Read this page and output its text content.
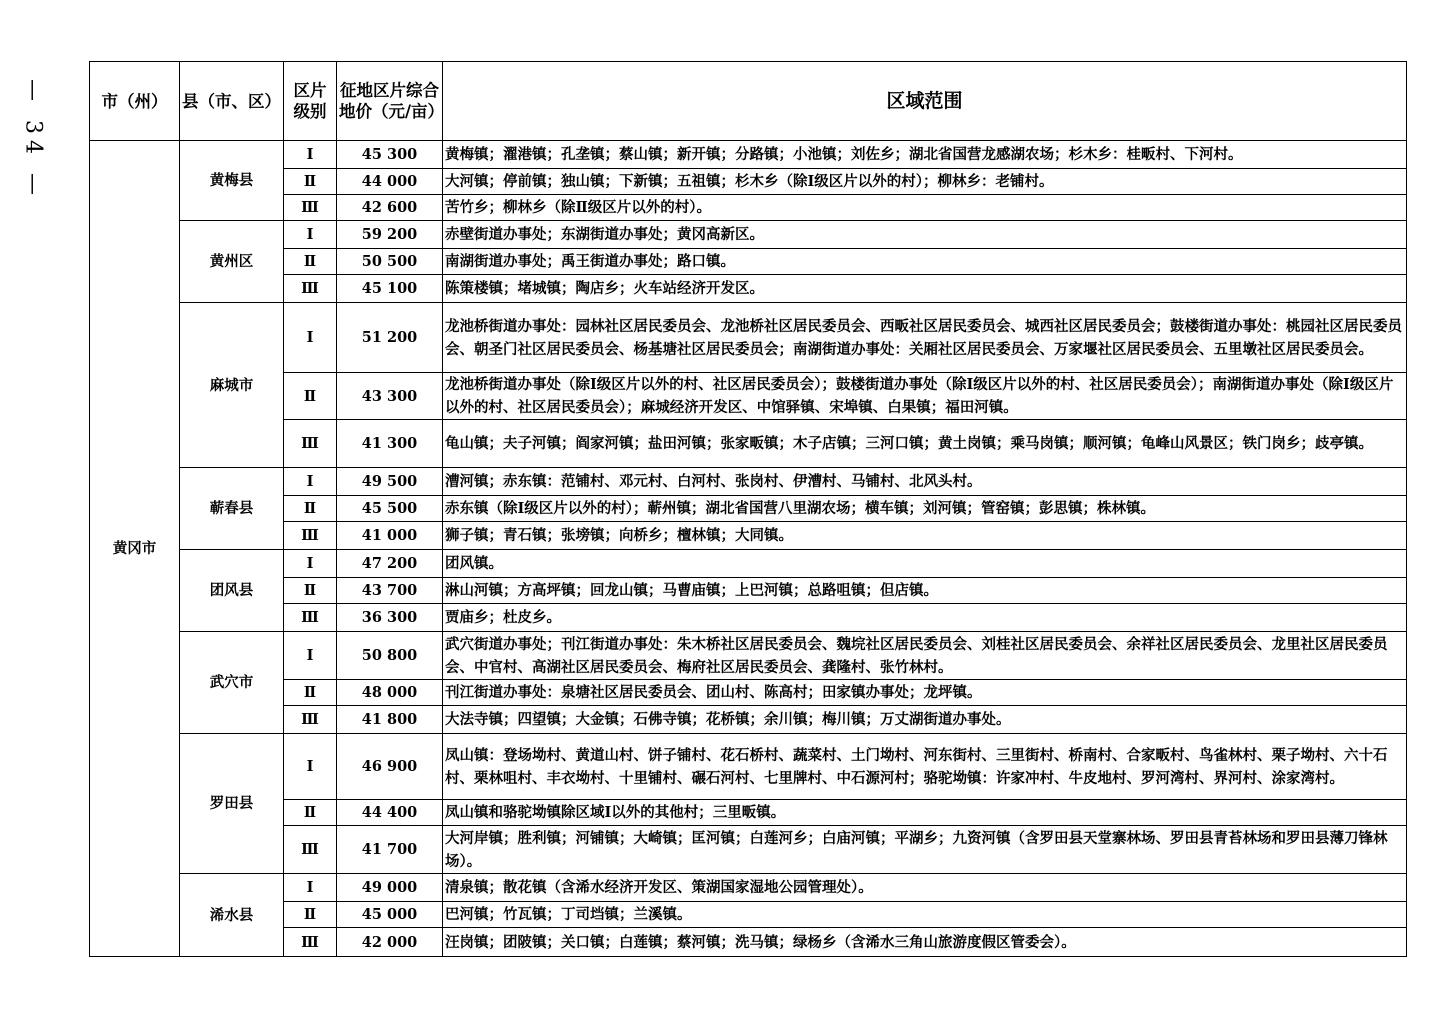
— 34 —	市（州）	县（市、区）	区片级别	征地区片综合地价（元/亩）	区域范围
黄冈市	黄梅县	Ⅰ	45 300	黄梅镇；濯港镇；孔垄镇；蔡山镇；新开镇；分路镇；小池镇；刘佐乡；湖北省国营龙感湖农场；杉木乡：桂畈村、下河村。
		Ⅱ	44 000	大河镇；停前镇；独山镇；下新镇；五祖镇；杉木乡（除Ⅰ级区片以外的村）；柳林乡：老铺村。
		Ⅲ	42 600	苦竹乡；柳林乡（除Ⅱ级区片以外的村）。
	黄州区	Ⅰ	59 200	赤壁街道办事处；东湖街道办事处；黄冈高新区。
		Ⅱ	50 500	南湖街道办事处；禹王街道办事处；路口镇。
		Ⅲ	45 100	陈策楼镇；堵城镇；陶店乡；火车站经济开发区。
	麻城市	Ⅰ	51 200	龙池桥街道办事处：园林社区居民委员会、龙池桥社区居民委员会、西畈社区居民委员会、城西社区居民委员会；鼓楼街道办事处：桃园社区居民委员会、朝圣门社区居民委员会、杨基塘社区居民委员会；南湖街道办事处：关厢社区居民委员会、万家堰社区居民委员会、五里墩社区居民委员会。
		Ⅱ	43 300	龙池桥街道办事处（除Ⅰ级区片以外的村、社区居民委员会）；鼓楼街道办事处（除Ⅰ级区片以外的村、社区居民委员会）；南湖街道办事处（除Ⅰ级区片以外的村、社区居民委员会）；麻城经济开发区、中馆驿镇、宋埠镇、白果镇；福田河镇。
		Ⅲ	41 300	龟山镇；夫子河镇；阎家河镇；盐田河镇；张家畈镇；木子店镇；三河口镇；黄土岗镇；乘马岗镇；顺河镇；龟峰山风景区；铁门岗乡；歧亭镇。
	蕲春县	Ⅰ	49 500	漕河镇；赤东镇：范铺村、邓元村、白河村、张岗村、伊漕村、马铺村、北风头村。
		Ⅱ	45 500	赤东镇（除Ⅰ级区片以外的村）；蕲州镇；湖北省国营八里湖农场；横车镇；刘河镇；管窑镇；彭思镇；株林镇。
		Ⅲ	41 000	狮子镇；青石镇；张塝镇；向桥乡；檀林镇；大同镇。
	团风县	Ⅰ	47 200	团风镇。
		Ⅱ	43 700	淋山河镇；方高坪镇；回龙山镇；马曹庙镇；上巴河镇；总路咀镇；但店镇。
		Ⅲ	36 300	贾庙乡；杜皮乡。
	武穴市	Ⅰ	50 800	武穴街道办事处；刊江街道办事处：朱木桥社区居民委员会、魏垸社区居民委员会、刘桂社区居民委员会、余祥社区居民委员会、龙里社区居民委员会、中官村、高湖社区居民委员会、梅府社区居民委员会、龚隆村、张竹林村。
		Ⅱ	48 000	刊江街道办事处：泉塘社区居民委员会、团山村、陈高村；田家镇办事处；龙坪镇。
		Ⅲ	41 800	大法寺镇；四望镇；大金镇；石佛寺镇；花桥镇；余川镇；梅川镇；万丈湖街道办事处。
	罗田县	Ⅰ	46 900	凤山镇：登场坳村、黄道山村、饼子铺村、花石桥村、蔬菜村、土门坳村、河东街村、三里街村、桥南村、合家畈村、鸟雀林村、栗子坳村、六十石村、栗林咀村、丰衣坳村、十里铺村、碾石河村、七里牌村、中石源河村；骆驼坳镇：许家冲村、牛皮地村、罗河湾村、界河村、涂家湾村。
		Ⅱ	44 400	凤山镇和骆驼坳镇除区域Ⅰ以外的其他村；三里畈镇。
		Ⅲ	41 700	大河岸镇；胜利镇；河铺镇；大崎镇；匡河镇；白莲河乡；白庙河镇；平湖乡；九资河镇（含罗田县天堂寨林场、罗田县青苔林场和罗田县薄刀锋林场）。
	浠水县	Ⅰ	49 000	清泉镇；散花镇（含浠水经济开发区、策湖国家湿地公园管理处）。
		Ⅱ	45 000	巴河镇；竹瓦镇；丁司垱镇；兰溪镇。
		Ⅲ	42 000	汪岗镇；团陂镇；关口镇；白莲镇；蔡河镇；洗马镇；绿杨乡（含浠水三角山旅游度假区管委会）。
